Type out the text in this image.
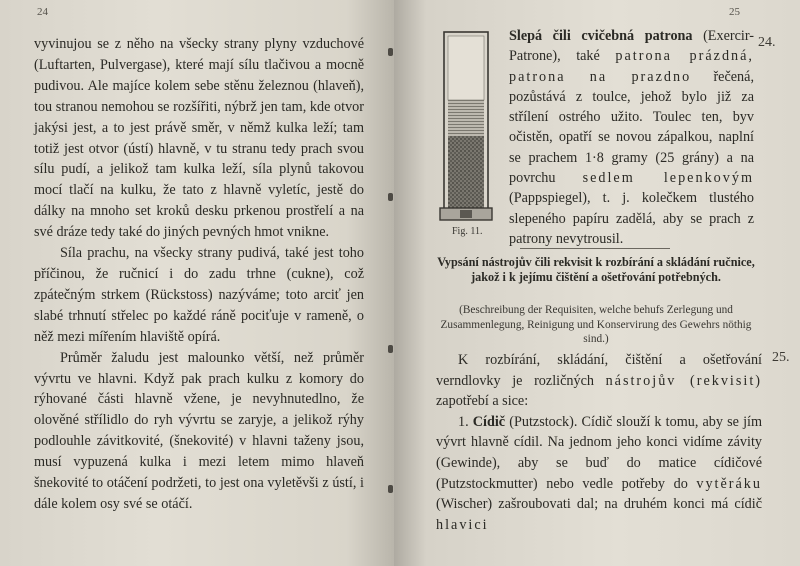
24

vyvinujou se z něho na všecky strany plyny vzduchové (Luftarten, Pulvergase), které mají sílu tlačivou a mocně pudivou. Ale majíce kolem sebe stěnu železnou (hlaveň), tou stranou nemohou se rozšířiti, nýbrž jen tam, kde otvor jakýsi jest, a to jest právě směr, v němž kulka leží; tam totiž jest otvor (ústí) hlavně, v tu stranu tedy prach svou sílu pudí, a jelikož tam kulka leží, síla plynů takovou mocí tlačí na kulku, že tato z hlavně vyletíc, jestě do dálky na mnoho set kroků desku prkenou prostřelí a na své dráze tedy také do jiných pevných hmot vnikne.

Síla prachu, na všecky strany pudivá, také jest toho příčinou, že ručnicí i do zadu trhne (cukne), což zpátečným strkem (Rückstoss) nazýváme; toto arciť jen slabé trhnutí střelec po každé ráně pociťuje v rameně, o něž mezi mířením hlaviště opírá.

Průměr žaludu jest malounko větší, než průměr vývrtu ve hlavni. Když pak prach kulku z komory do rýhované části hlavně vžene, je nevyhnutedlno, že olověné střílidlo do ryh vývrtu se zaryje, a jelikož rýhy podlouhle závitkovité, (šnekovité) v hlavni taženy jsou, musí vypuzená kulka i mezi letem mimo hlaveň šnekovité to otáčení podržeti, to jest ona vyletěvši z ústí, i dále kolem osy své se otáčí.

25
Fig. 11.

Slepá čili cvičebná patrona (Exercir-Patrone), také patrona prázdná, patrona na prazdno řečená, pozůstává z toulce, jehož bylo již za střílení ostrého užito. Toulec ten, byv očistěn, opatří se novou zápalkou, naplní se prachem 1·8 gramy (25 grány) a na povrchu sedlem lepenkovým (Pappspiegel), t. j. kolečkem tlustého slepeného papíru zadělá, aby se prach z patrony nevytrousil.

24.
Vypsání nástrojův čili rekvisit k rozbírání a skládání ručnice, jakož i k jejímu čištění a ošetřování potřebných.
(Beschreibung der Requisiten, welche behufs Zerlegung und Zusammenlegung, Reinigung und Konservirung des Gewehrs nöthig sind.)
25.

K rozbírání, skládání, čištění a ošetřování verndlovky je rozličných nástrojův (rekvisit) zapotřebí a sice:

1. Cídič (Putzstock). Cídič slouží k tomu, aby se jím vývrt hlavně cídil. Na jednom jeho konci vidíme závity (Gewinde), aby se buď do matice cídičové (Putzstockmutter) nebo vedle potřeby do vytěráku (Wischer) zašroubovati dal; na druhém konci má cídič hlavici
